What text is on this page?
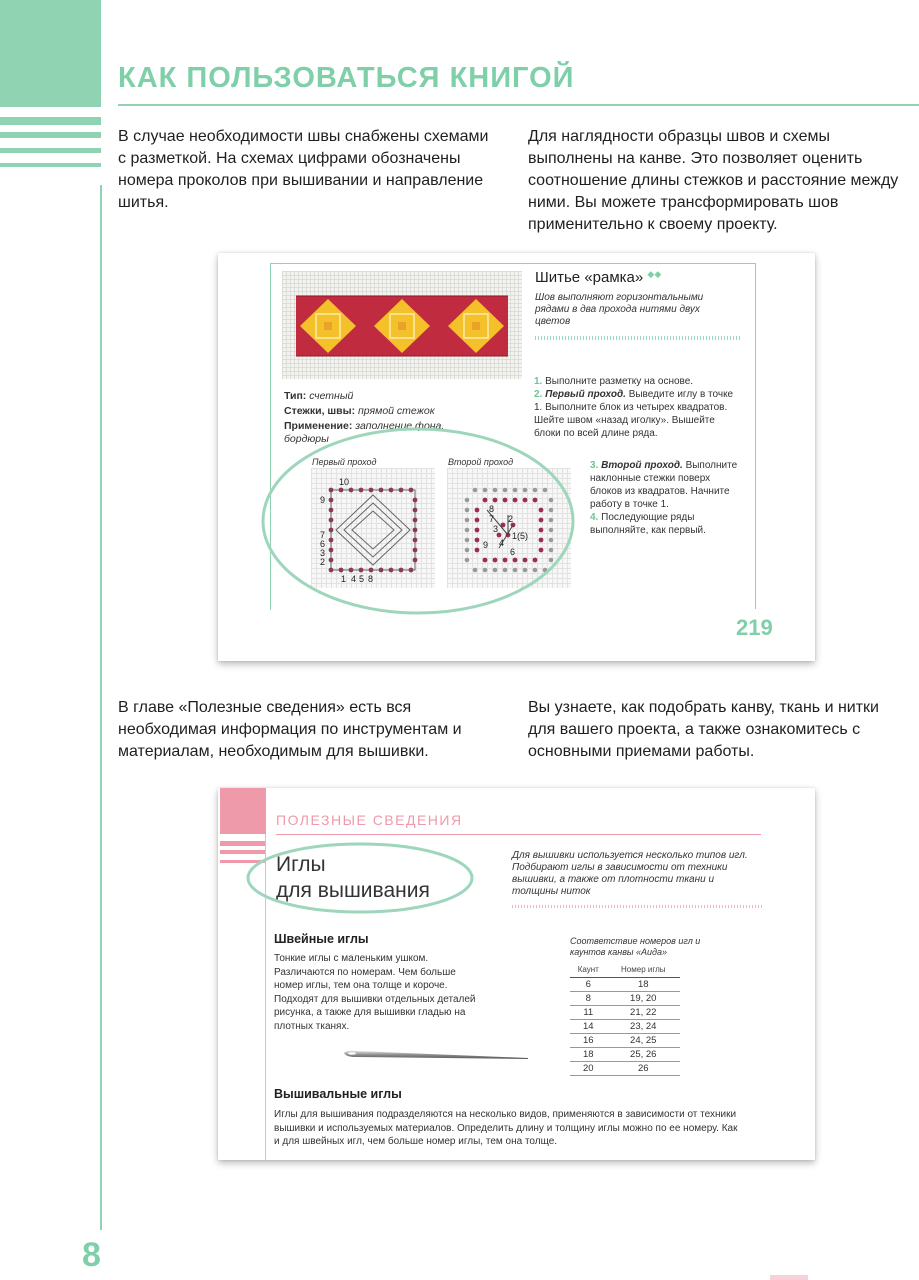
КАК ПОЛЬЗОВАТЬСЯ КНИГОЙ
В случае необходимости швы снабжены схемами с разметкой. На схемах цифрами обозначены номера проколов при вышивании и направление шитья.
Для наглядности образцы швов и схемы выполнены на канве. Это позволяет оценить соотношение длины стежков и расстояние между ними. Вы можете трансформировать шов применительно к своему проекту.
Шитье «рамка» ◆◆
Шов выполняют горизонтальными рядами в два прохода нитями двух цветов
Тип: счетный
Стежки, швы: прямой стежок
Применение: заполнение фона, бордюры
1. Выполните разметку на основе.
2. Первый проход. Выведите иглу в точке 1. Выполните блок из четырех квадратов. Шейте швом «назад иголку». Вышейте блоки по всей длине ряда.
3. Второй проход. Выполните наклонные стежки поверх блоков из квадратов. Начните работу в точке 1.
4. Последующие ряды выполняйте, как первый.
Первый проход	Второй проход
10
9
7
6
3
2
1 4 5 8
8
7 2
3
1(5)
9 4
6
219
В главе «Полезные сведения» есть вся необходимая информация по инструментам и материалам, необходимым для вышивки.
Вы узнаете, как подобрать канву, ткань и нитки для вашего проекта, а также ознакомитесь с основными приемами работы.
ПОЛЕЗНЫЕ СВЕДЕНИЯ
Иглы
для вышивания
Для вышивки используется несколько типов игл. Подбирают иглы в зависимости от техники вышивки, а также от плотности ткани и толщины ниток
Швейные иглы
Тонкие иглы с маленьким ушком. Различаются по номерам. Чем больше номер иглы, тем она толще и короче. Подходят для вышивки отдельных деталей рисунка, а также для вышивки гладью на плотных тканях.
Соответствие номеров игл и каунтов канвы «Аида»
Каунт	Номер иглы
6	18
8	19, 20
11	21, 22
14	23, 24
16	24, 25
18	25, 26
20	26
Вышивальные иглы
Иглы для вышивания подразделяются на несколько видов, применяются в зависимости от техники вышивки и используемых материалов. Определить длину и толщину иглы можно по ее номеру. Как и для швейных игл, чем больше номер иглы, тем она толще.
8
